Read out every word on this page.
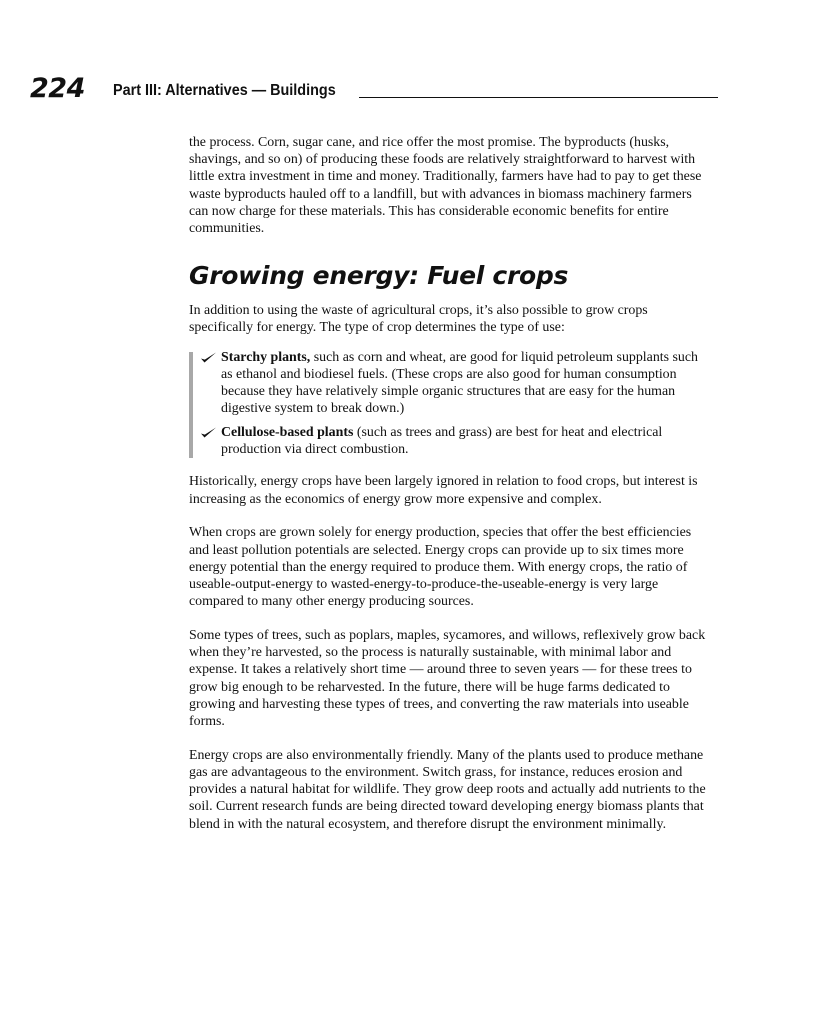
224 Part III: Alternatives — Buildings

the process. Corn, sugar cane, and rice offer the most promise. The byproducts (husks, shavings, and so on) of producing these foods are relatively straightforward to harvest with little extra investment in time and money. Traditionally, farmers have had to pay to get these waste byproducts hauled off to a landfill, but with advances in biomass machinery farmers can now charge for these materials. This has considerable economic benefits for entire communities.

Growing energy: Fuel crops

In addition to using the waste of agricultural crops, it’s also possible to grow crops specifically for energy. The type of crop determines the type of use:

Starchy plants, such as corn and wheat, are good for liquid petroleum supplants such as ethanol and biodiesel fuels. (These crops are also good for human consumption because they have relatively simple organic structures that are easy for the human digestive system to break down.)
Cellulose-based plants (such as trees and grass) are best for heat and electrical production via direct combustion.

Historically, energy crops have been largely ignored in relation to food crops, but interest is increasing as the economics of energy grow more expensive and complex.

When crops are grown solely for energy production, species that offer the best efficiencies and least pollution potentials are selected. Energy crops can provide up to six times more energy potential than the energy required to produce them. With energy crops, the ratio of useable-output-energy to wasted-energy-to-produce-the-useable-energy is very large compared to many other energy producing sources.

Some types of trees, such as poplars, maples, sycamores, and willows, reflexively grow back when they’re harvested, so the process is naturally sustainable, with minimal labor and expense. It takes a relatively short time — around three to seven years — for these trees to grow big enough to be reharvested. In the future, there will be huge farms dedicated to growing and harvesting these types of trees, and converting the raw materials into useable forms.

Energy crops are also environmentally friendly. Many of the plants used to produce methane gas are advantageous to the environment. Switch grass, for instance, reduces erosion and provides a natural habitat for wildlife. They grow deep roots and actually add nutrients to the soil. Current research funds are being directed toward developing energy biomass plants that blend in with the natural ecosystem, and therefore disrupt the environment minimally.
